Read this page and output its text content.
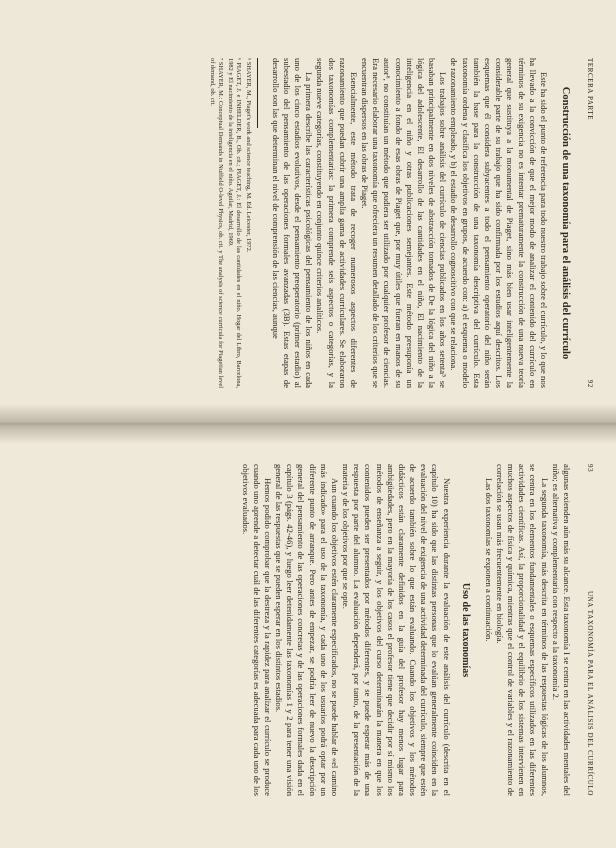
TERCERA PARTE
92
Construcción de una taxonomía para el análisis del currículo

Este ha sido el punto de referencia para todo nuestro trabajo sobre el currículo, y lo que nos ha llevado a la convicción de que el mejor modo de analizar el contenido del currículo en términos de su exigencia no es intentar prematuramente la construcción de una nueva teoría general que sustituya a la monumental de Piaget, sino más bien usar inteligentemente la considerable parte de su trabajo que ha sido confirmada por los estudios aquí descritos. Los esquemas que él considera subyacentes a todo el pensamiento operatorio del niño serán también la base para la construcción de una taxonomía descriptiva del currículo. Esta taxonomía ordena y clasifica los objetivos en grupos, de acuerdo con: a) el esquema o modelo de razonamiento empleado, y b) el estadio de desarrollo cognoscitivo con que se relaciona.

Los trabajos sobre análisis del currículo de ciencias publicados en los años setenta⁵ se basaban principalmente en dos niveles de abstracción tomados de De la lógica del niño a la lógica del adolescente, El desarrollo de las cantidades en el niño, El nacimiento de la inteligencia en el niño y otras publicaciones semejantes. Este método presuponía un conocimiento a fondo de esas obras de Piaget que, por muy útiles que fueran en manos de su autor⁶, no constituían un método que pudiera ser utilizado por cualquier profesor de ciencias. Era necesario elaborar una taxonomía que ofreciera un resumen detallado de los criterios que se encuentran dispersos en las obras de Piaget.

Esencialmente, este método trata de recoger numerosos aspectos diferentes de razonamiento que puedan cubrir una amplia gama de actividades curriculares. Se elaboraron dos taxonomías complementarias: la primera comprende seis aspectos o categorías, y la segunda nueve categorías, constituyendo en conjunto quince criterios analíticos.

La primera describe las características psicológicas del pensamiento de los niños en cada uno de los cinco estadios evolutivos, desde el pensamiento preoperatorio (primer estadio) al subestadio del pensamiento de las operaciones formales avanzadas (3B). Estas etapas de desarrollo son las que determinan el nivel de comprensión de las ciencias, aunque

⁵ SHAYER, M., Piaget's work and science teaching, M. Ed. Leicester, 1972.

⁶ PIAGET, J. e INHELDER, B., Ob. cit.; PIAGET, J.: El desarrollo de las cantidades en el niño. Hogar del Libro, Barcelona, 1982 y El nacimiento de la inteligencia en el niño. Aguilar, Madrid, 1969.

⁷ SHAYER, M.: Conceptual Demands in Nuffield O-level Physics, ob. cit. y The analysis of science curricula for Piagetian level of demand, ob. cit.

93
UNA TAXONOMÍA PARA EL ANÁLISIS DEL CURRÍCULO

algunas exienden aún más su alcance. Esta taxonomía I se centra en las actividades mentales del niño; es alternativa y complementaria con respecto a la taxonomía 2.

La segunda taxonomía, más descrita en términos de las respuestas lógicas de los alumnos, se centra en los elementos fundamentales o esquemas específicos utilizados en las diferentes actividades científicas. Así, la proporcionalidad y el equilibrio de los sistemas intervienen en muchos aspectos de física y química, mientras que el control de variables y el razonamiento de correlación se usan más frecuentemente en biología.

Las dos taxonomías se exponen a continuación.

Uso de las taxonomías

Nuestra experiencia durante la evaluación de este análisis del currículo (descrita en el capítulo 10) ha sido que las distintas personas que lo evalúan generalmente coinciden en la evaluación del nivel de exigencia de una actividad determinada del currículo, siempre que estén de acuerdo también sobre lo que están evaluando. Cuando los objetivos y los métodos didácticos están claramente definidos en la guía del profesor hay menos lugar para ambigüedades, pero en la mayoría de los casos el profesor tiene que decidir por sí mismo los métodos de enseñanza a seguir, y los objetivos del curso determinarán la manera en que los contenidos pueden ser presentados por métodos diferentes, y se puede esperar más de una respuesta por parte del alumno. La evaluación dependerá, por tanto, de la presentación de la materia y de los objetivos por que se opte.

Aun cuando los objetivos estén claramente especificados, no se puede hablar de «el camino más indicado» para el uso de la taxonomía, y cada uno de los usuarios podrá optar por un diferente punto de arranque. Pero antes de empezar, se podría leer de nuevo la descripción general del pensamiento de las operaciones concretas y de las operaciones formales dada en el capítulo 3 (págs. 42-46), y luego leer detenidamente las taxonomías 1 y 2 para tener una visión general de las respuestas que se pueden esperar en los distintos estadios.

Hemos podido comprobar que la destreza y la rapidez para analizar el currículo se produce cuando uno aprende a detectar cuál de las diferentes categorías es adecuada para cada uno de los objetivos evaluados.
